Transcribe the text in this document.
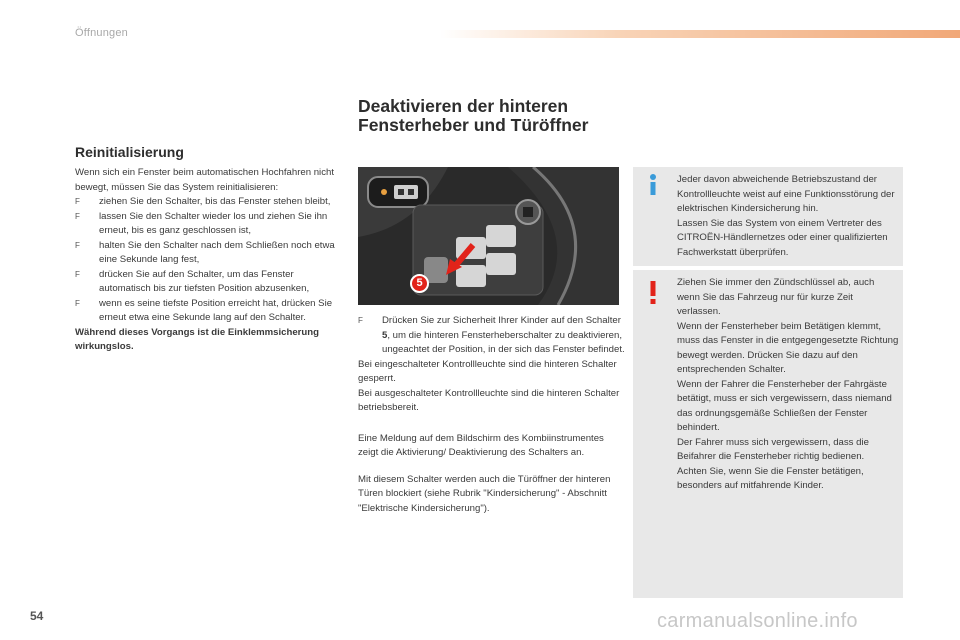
Öffnungen
Deaktivieren der hinteren
Fensterheber und Türöffner
Reinitialisierung

Wenn sich ein Fenster beim automatischen Hochfahren nicht bewegt, müssen Sie das System reinitialisieren:

F ziehen Sie den Schalter, bis das Fenster stehen bleibt,
F lassen Sie den Schalter wieder los und ziehen Sie ihn erneut, bis es ganz geschlossen ist,
F halten Sie den Schalter nach dem Schließen noch etwa eine Sekunde lang fest,
F drücken Sie auf den Schalter, um das Fenster automatisch bis zur tiefsten Position abzusenken,
F wenn es seine tiefste Position erreicht hat, drücken Sie erneut etwa eine Sekunde lang auf den Schalter.

Während dieses Vorgangs ist die Einklemmsicherung wirkungslos.

5
F Drücken Sie zur Sicherheit Ihrer Kinder auf den Schalter 5, um die hinteren Fensterheberschalter zu deaktivieren, ungeachtet der Position, in der sich das Fenster befindet.

Bei eingeschalteter Kontrollleuchte sind die hinteren Schalter gesperrt.

Bei ausgeschalteter Kontrollleuchte sind die hinteren Schalter betriebsbereit.

Eine Meldung auf dem Bildschirm des Kombiinstrumentes zeigt die Aktivierung/ Deaktivierung des Schalters an.

Mit diesem Schalter werden auch die Türöffner der hinteren Türen blockiert (siehe Rubrik "Kindersicherung" - Abschnitt "Elektrische Kindersicherung").

Jeder davon abweichende Betriebszustand der Kontrollleuchte weist auf eine Funktionsstörung der elektrischen Kindersicherung hin.

Lassen Sie das System von einem Vertreter des CITROËN-Händlernetzes oder einer qualifizierten Fachwerkstatt überprüfen.

Ziehen Sie immer den Zündschlüssel ab, auch wenn Sie das Fahrzeug nur für kurze Zeit verlassen.

Wenn der Fensterheber beim Betätigen klemmt, muss das Fenster in die entgegengesetzte Richtung bewegt werden. Drücken Sie dazu auf den entsprechenden Schalter.

Wenn der Fahrer die Fensterheber der Fahrgäste betätigt, muss er sich vergewissern, dass niemand das ordnungsgemäße Schließen der Fenster behindert.

Der Fahrer muss sich vergewissern, dass die Beifahrer die Fensterheber richtig bedienen.

Achten Sie, wenn Sie die Fenster betätigen, besonders auf mitfahrende Kinder.

54	carmanualsonline.info
